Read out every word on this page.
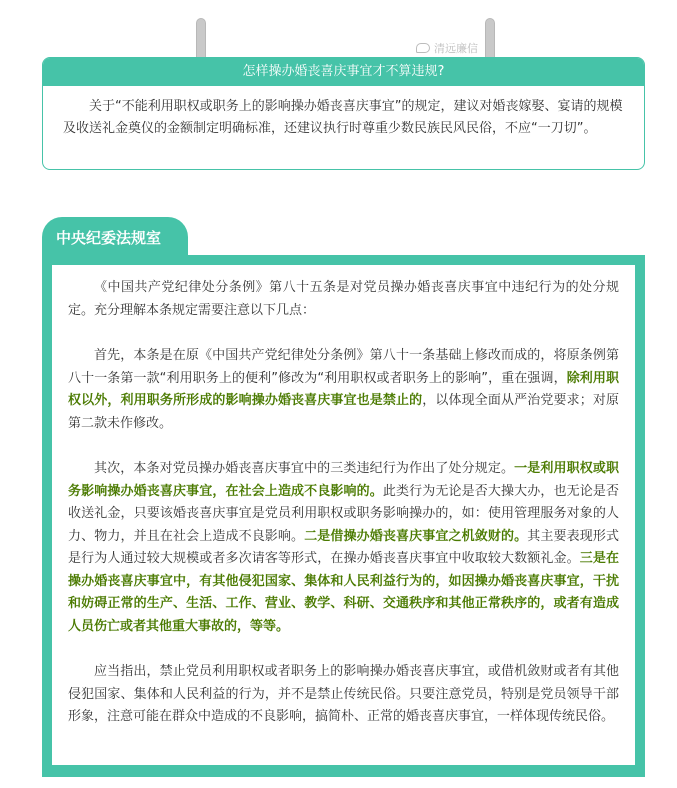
清远廉信
怎样操办婚丧喜庆事宜才不算违规?

关于“不能利用职权或职务上的影响操办婚丧喜庆事宜”的规定，建议对婚丧嫁娶、宴请的规模及收送礼金奠仪的金额制定明确标准，还建议执行时尊重少数民族民风民俗，不应“一刀切”。

中央纪委法规室

《中国共产党纪律处分条例》第八十五条是对党员操办婚丧喜庆事宜中违纪行为的处分规定。充分理解本条规定需要注意以下几点：

首先，本条是在原《中国共产党纪律处分条例》第八十一条基础上修改而成的，将原条例第八十一条第一款“利用职务上的便利”修改为“利用职权或者职务上的影响”，重在强调，除利用职权以外，利用职务所形成的影响操办婚丧喜庆事宜也是禁止的，以体现全面从严治党要求；对原第二款未作修改。

其次，本条对党员操办婚丧喜庆事宜中的三类违纪行为作出了处分规定。一是利用职权或职务影响操办婚丧喜庆事宜，在社会上造成不良影响的。此类行为无论是否大操大办，也无论是否收送礼金，只要该婚丧喜庆事宜是党员利用职权或职务影响操办的，如：使用管理服务对象的人力、物力，并且在社会上造成不良影响。二是借操办婚丧喜庆事宜之机敛财的。其主要表现形式是行为人通过较大规模或者多次请客等形式，在操办婚丧喜庆事宜中收取较大数额礼金。三是在操办婚丧喜庆事宜中，有其他侵犯国家、集体和人民利益行为的，如因操办婚丧喜庆事宜，干扰和妨碍正常的生产、生活、工作、营业、教学、科研、交通秩序和其他正常秩序的，或者有造成人员伤亡或者其他重大事故的，等等。

应当指出，禁止党员利用职权或者职务上的影响操办婚丧喜庆事宜，或借机敛财或者有其他侵犯国家、集体和人民利益的行为，并不是禁止传统民俗。只要注意党员，特别是党员领导干部形象，注意可能在群众中造成的不良影响，搞简朴、正常的婚丧喜庆事宜，一样体现传统民俗。
